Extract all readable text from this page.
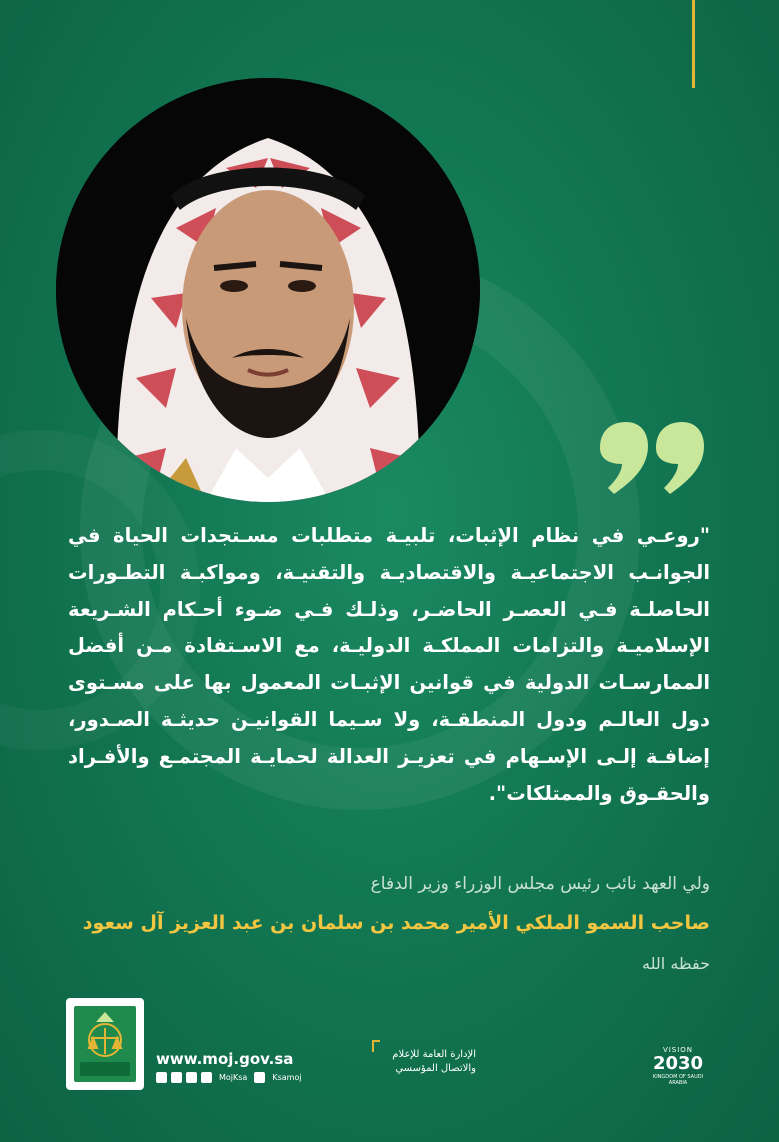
"روعـي في نظام الإثبات، تلبيـة متطلبات مسـتجدات الحياة في الجوانـب الاجتماعيـة والاقتصاديـة والتقنيـة، ومواكبـة التطـورات الحاصلـة فـي العصـر الحاضـر، وذلـك فـي ضـوء أحـكام الشـريعة الإسلاميـة والتزامات المملكـة الدوليـة، مع الاسـتفادة مـن أفضل الممارسـات الدولية في قوانين الإثبـات المعمول بها على مسـتوى دول العالـم ودول المنطقـة، ولا سـيما القوانيـن حديثـة الصـدور، إضافـة إلـى الإسـهام في تعزيـز العدالة لحمايـة المجتمـع والأفـراد والحقـوق والممتلكات".

ولي العهد نائب رئيس مجلس الوزراء وزير الدفاع
صاحب السمو الملكي الأمير محمد بن سلمان بن عبد العزيز آل سعود
حفظه الله
www.moj.gov.sa
MojKsa	Ksamoj
الإدارة العامة للإعلام والاتصال المؤسسي
VISION
2030
KINGDOM OF SAUDI ARABIA
